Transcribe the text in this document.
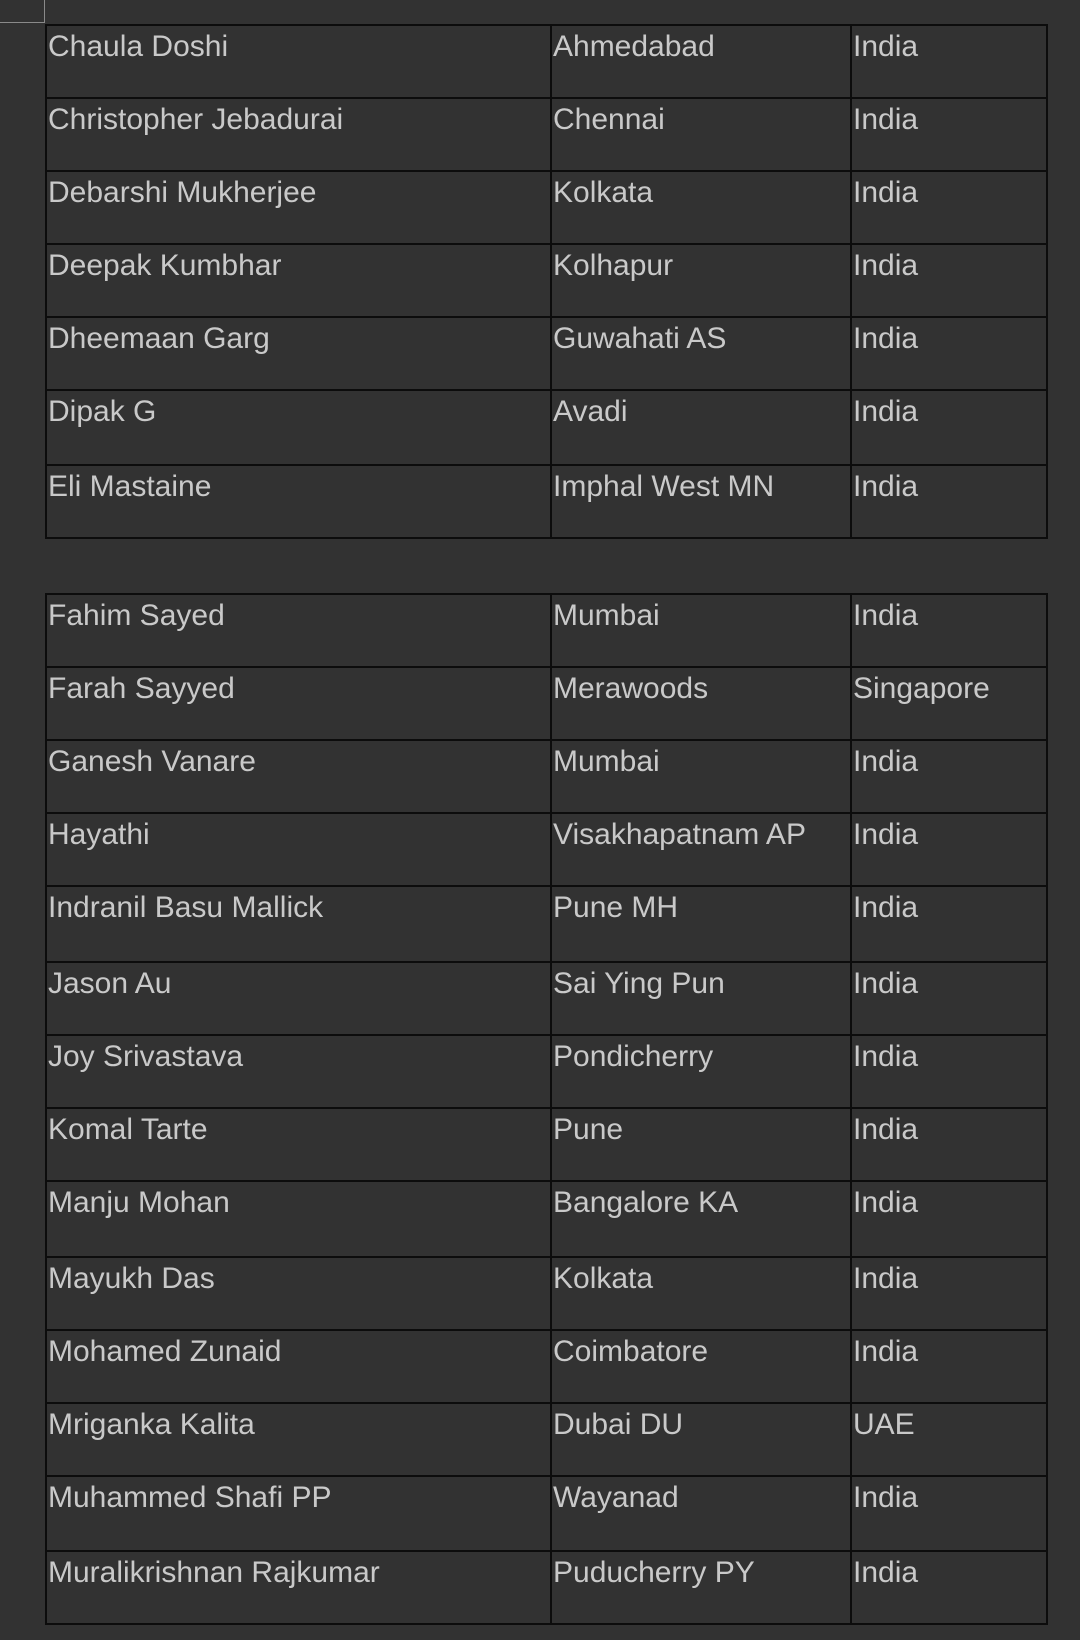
Chaula Doshi	Ahmedabad	India
Christopher Jebadurai	Chennai	India
Debarshi Mukherjee	Kolkata	India
Deepak Kumbhar	Kolhapur	India
Dheemaan Garg	Guwahati AS	India
Dipak G	Avadi	India
Eli Mastaine	Imphal West MN	India
Fahim Sayed	Mumbai	India
Farah Sayyed	Merawoods	Singapore
Ganesh Vanare	Mumbai	India
Hayathi	Visakhapatnam AP	India
Indranil Basu Mallick	Pune MH	India
Jason Au	Sai Ying Pun	India
Joy Srivastava	Pondicherry	India
Komal Tarte	Pune	India
Manju Mohan	Bangalore KA	India
Mayukh Das	Kolkata	India
Mohamed Zunaid	Coimbatore	India
Mriganka Kalita	Dubai DU	UAE
Muhammed Shafi PP	Wayanad	India
Muralikrishnan Rajkumar	Puducherry PY	India
